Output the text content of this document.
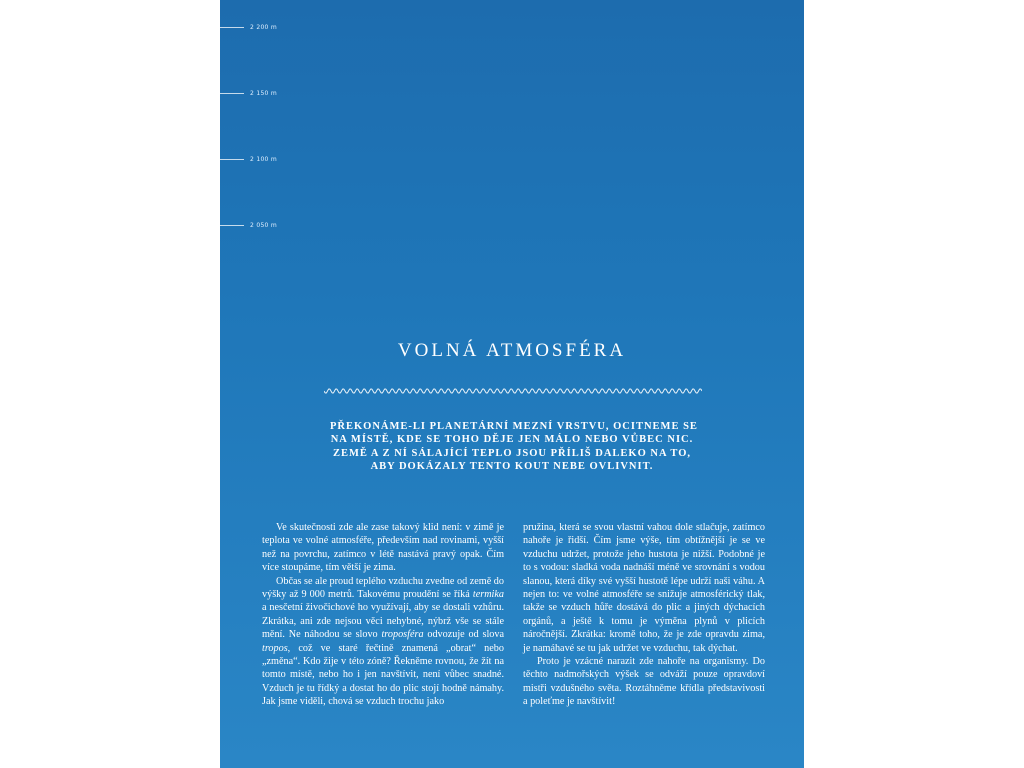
2 200 m
2 150 m
2 100 m
2 050 m
VOLNÁ ATMOSFÉRA
PŘEKONÁME-LI PLANETÁRNÍ MEZNÍ VRSTVU, OCITNEME SE
NA MÍSTĚ, KDE SE TOHO DĚJE JEN MÁLO NEBO VŮBEC NIC.
ZEMĚ A Z NÍ SÁLAJÍCÍ TEPLO JSOU PŘÍLIŠ DALEKO NA TO,
ABY DOKÁZALY TENTO KOUT NEBE OVLIVNIT.

Ve skutečnosti zde ale zase takový klid není: v zimě je teplota ve volné atmosféře, především nad rovinami, vyšší než na povrchu, zatímco v létě nastává pravý opak. Čím více stoupáme, tím větší je zima.

Občas se ale proud teplého vzduchu zvedne od země do výšky až 9 000 metrů. Takovému proudění se říká termika a nesčetní živočichové ho využívají, aby se dostali vzhůru. Zkrátka, ani zde nejsou věci nehybné, nýbrž vše se stále mění. Ne náhodou se slovo troposféra odvozuje od slova tropos, což ve staré řečtině znamená „obrat“ nebo „změna“. Kdo žije v této zóně? Řekněme rovnou, že žít na tomto místě, nebo ho i jen navštívit, není vůbec snadné. Vzduch je tu řídký a dostat ho do plic stojí hodně námahy. Jak jsme viděli, chová se vzduch trochu jako

pružina, která se svou vlastní vahou dole stlačuje, zatímco nahoře je řidší. Čím jsme výše, tím obtížnější je se ve vzduchu udržet, protože jeho hustota je nižší. Podobné je to s vodou: sladká voda nadnáší méně ve srovnání s vodou slanou, která díky své vyšší hustotě lépe udrží naši váhu. A nejen to: ve volné atmosféře se snižuje atmosférický tlak, takže se vzduch hůře dostává do plic a jiných dýchacích orgánů, a ještě k tomu je výměna plynů v plicích náročnější. Zkrátka: kromě toho, že je zde opravdu zima, je namáhavé se tu jak udržet ve vzduchu, tak dýchat.

Proto je vzácné narazit zde nahoře na organismy. Do těchto nadmořských výšek se odváží pouze opravdoví mistři vzdušného světa. Roztáhněme křídla představivosti a poleťme je navštívit!
